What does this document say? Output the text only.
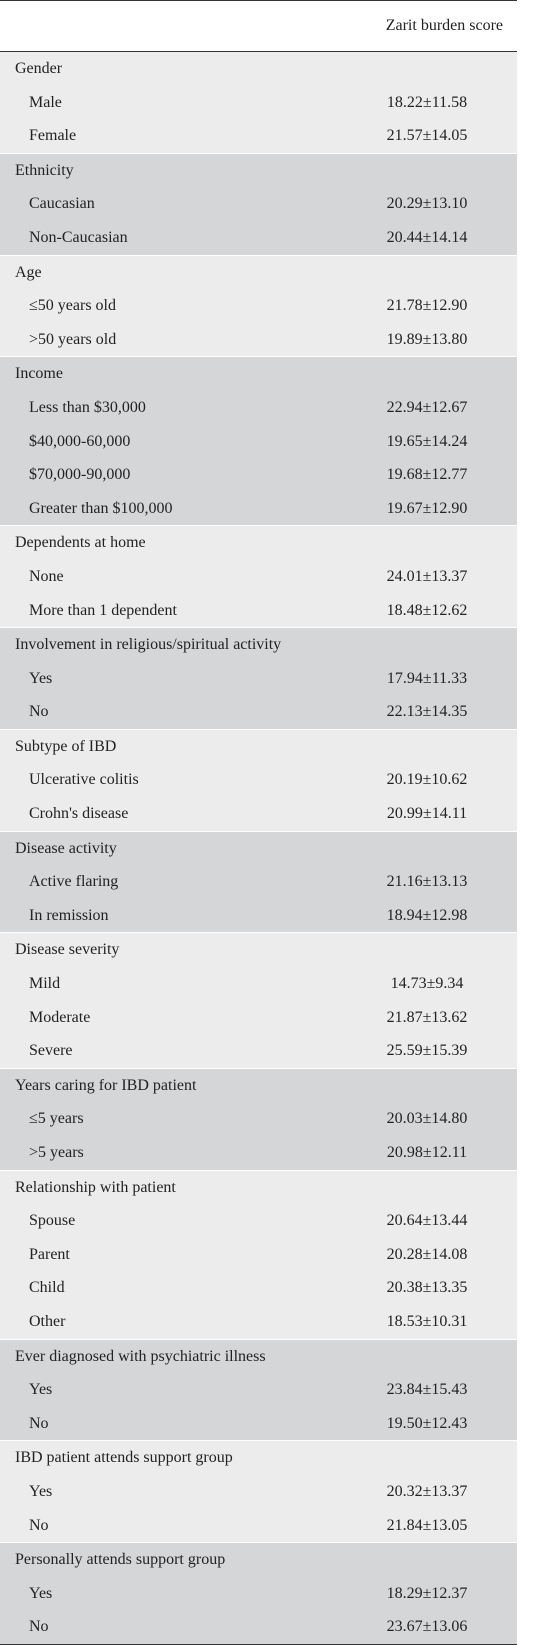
Zarit burden score
Gender
Male	18.22±11.58
Female	21.57±14.05
Ethnicity
Caucasian	20.29±13.10
Non-Caucasian	20.44±14.14
Age
≤50 years old	21.78±12.90
>50 years old	19.89±13.80
Income
Less than $30,000	22.94±12.67
$40,000-60,000	19.65±14.24
$70,000-90,000	19.68±12.77
Greater than $100,000	19.67±12.90
Dependents at home
None	24.01±13.37
More than 1 dependent	18.48±12.62
Involvement in religious/spiritual activity
Yes	17.94±11.33
No	22.13±14.35
Subtype of IBD
Ulcerative colitis	20.19±10.62
Crohn's disease	20.99±14.11
Disease activity
Active flaring	21.16±13.13
In remission	18.94±12.98
Disease severity
Mild	14.73±9.34
Moderate	21.87±13.62
Severe	25.59±15.39
Years caring for IBD patient
≤5 years	20.03±14.80
>5 years	20.98±12.11
Relationship with patient
Spouse	20.64±13.44
Parent	20.28±14.08
Child	20.38±13.35
Other	18.53±10.31
Ever diagnosed with psychiatric illness
Yes	23.84±15.43
No	19.50±12.43
IBD patient attends support group
Yes	20.32±13.37
No	21.84±13.05
Personally attends support group
Yes	18.29±12.37
No	23.67±13.06
